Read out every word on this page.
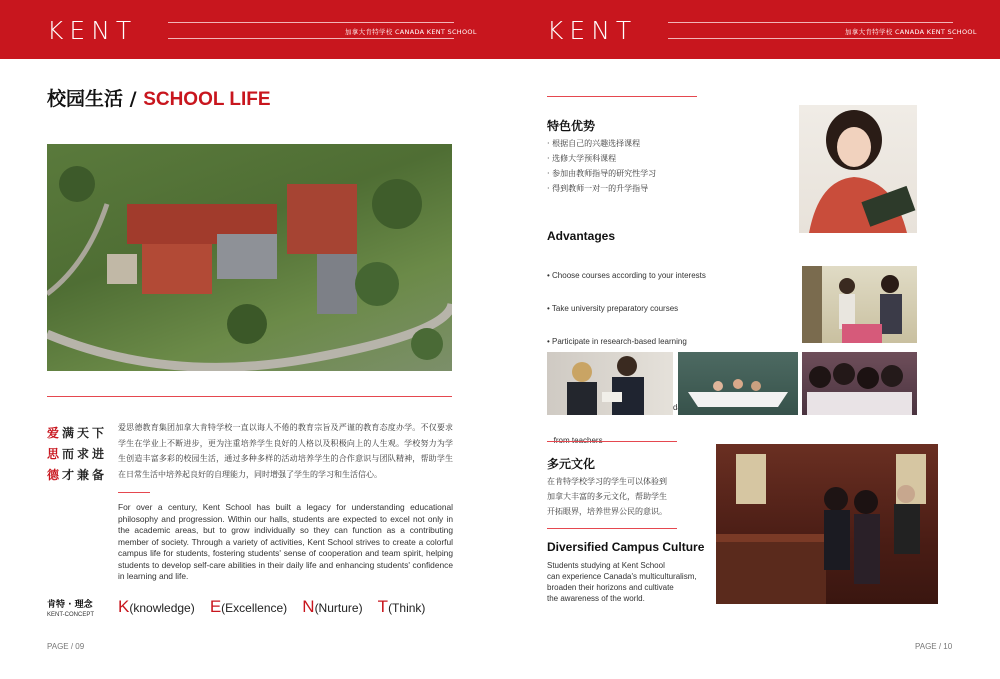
KENT	加拿大肯特学校 CANADA KENT SCHOOL
校园生活 / SCHOOL LIFE
爱满天下
思而求进
德才兼备
爱思德教育集团加拿大肯特学校一直以诲人不倦的教育宗旨及严谨的教育态度办学。不仅要求学生在学业上不断进步，更为注重培养学生良好的人格以及积极向上的人生观。学校努力为学生创造丰富多彩的校园生活，通过多种多样的活动培养学生的合作意识与团队精神，帮助学生在日常生活中培养起良好的自理能力，同时增强了学生的学习和生活信心。
For over a century, Kent School has built a legacy for understanding educational philosophy and progression. Within our halls, students are expected to excel not only in the academic areas, but to grow individually so they can function as a contributing member of society. Through a variety of activities, Kent School strives to create a colorful campus life for students, fostering students' sense of cooperation and team spirit, helping students to develop self-care abilities in their daily life and enhancing students' confidence in learning and life.
肯特 · 理念
KENT-CONCEPT K(knowledge) E(Excellence) N(Nurture) T(Think)
PAGE / 09
KENT	加拿大肯特学校 CANADA KENT SCHOOL
特色优势
· 根据自己的兴趣选择课程
· 选修大学预科课程
· 参加由教师指导的研究性学习
· 得到教师一对一的升学指导
Advantages

• Choose courses according to your interests

• Take university preparatory courses

• Participate in research-based learning

多元文化
在肯特学校学习的学生可以体验到
加拿大丰富的多元文化，帮助学生
开拓眼界，培养世界公民的意识。
Diversified Campus Culture
Students studying at Kent School
can experience Canada's multiculturalism,
broaden their horizons and cultivate
the awareness of the world.
PAGE / 10
